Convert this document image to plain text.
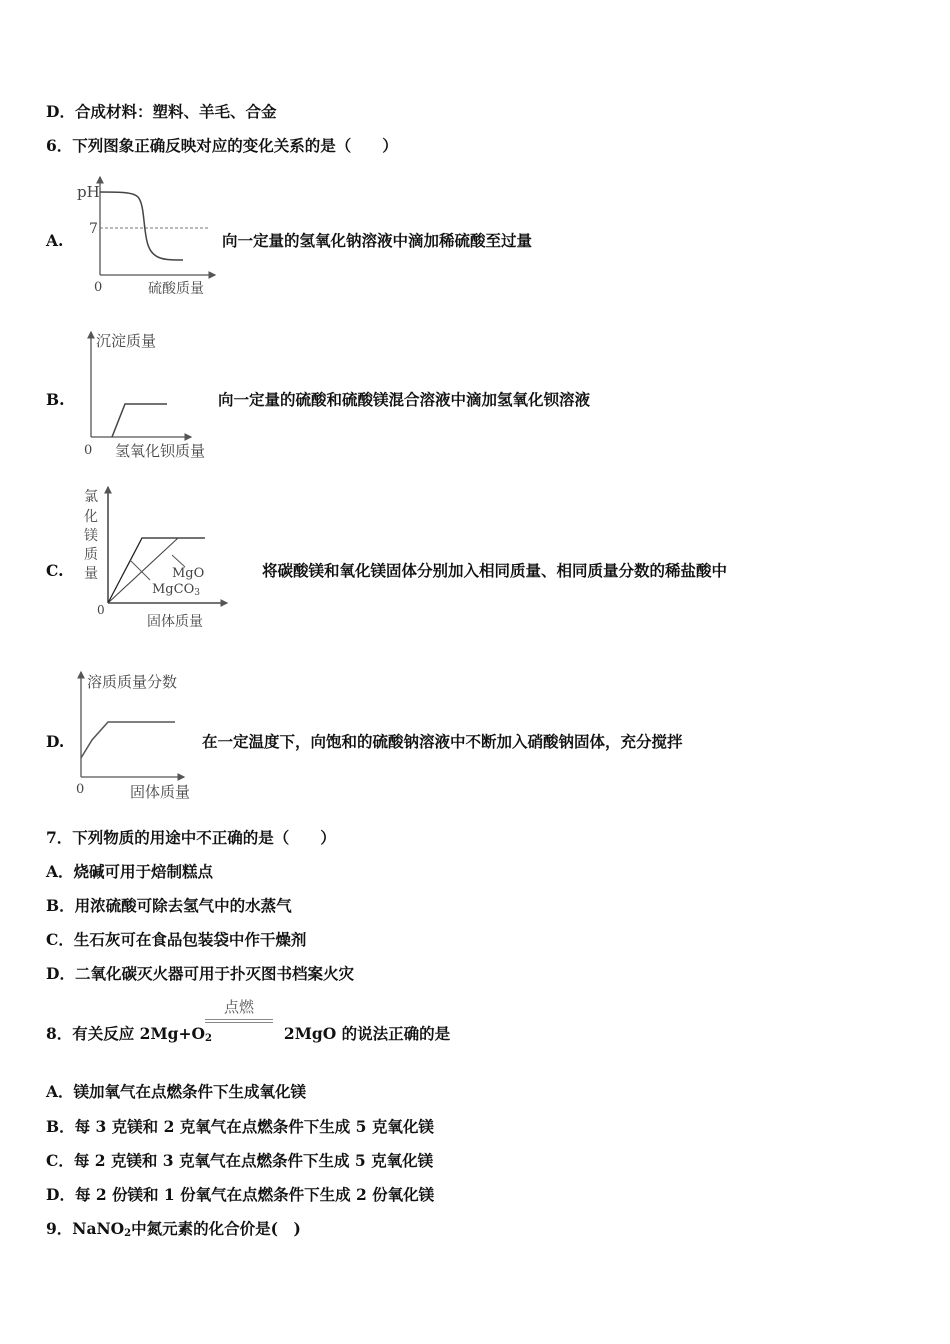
D．合成材料：塑料、羊毛、合金
6．下列图象正确反映对应的变化关系的是（　　）
A.
pH
7
0	硫酸质量
向一定量的氢氧化钠溶液中滴加稀硫酸至过量
B.
沉淀质量
0 氢氧化钡质量
向一定量的硫酸和硫酸镁混合溶液中滴加氢氧化钡溶液
C.
氯
化
镁
质
量	MgO
MgCO3
0
固体质量
将碳酸镁和氧化镁固体分别加入相同质量、相同质量分数的稀盐酸中
D.
溶质质量分数
0	固体质量
在一定温度下，向饱和的硫酸钠溶液中不断加入硝酸钠固体，充分搅拌
7．下列物质的用途中不正确的是（　　）
A．烧碱可用于焙制糕点
B．用浓硫酸可除去氢气中的水蒸气
C．生石灰可在食品包装袋中作干燥剂
D．二氧化碳灭火器可用于扑灭图书档案火灾
点燃
8．有关反应 $2Mg+O_2$	2MgO 的说法正确的是
A．镁加氧气在点燃条件下生成氧化镁
B．每 3 克镁和 2 克氧气在点燃条件下生成 5 克氧化镁
C．每 2 克镁和 3 克氧气在点燃条件下生成 5 克氧化镁
D．每 2 份镁和 1 份氧气在点燃条件下生成 2 份氧化镁
9．NaNO$_2$中氮元素的化合价是(　)
